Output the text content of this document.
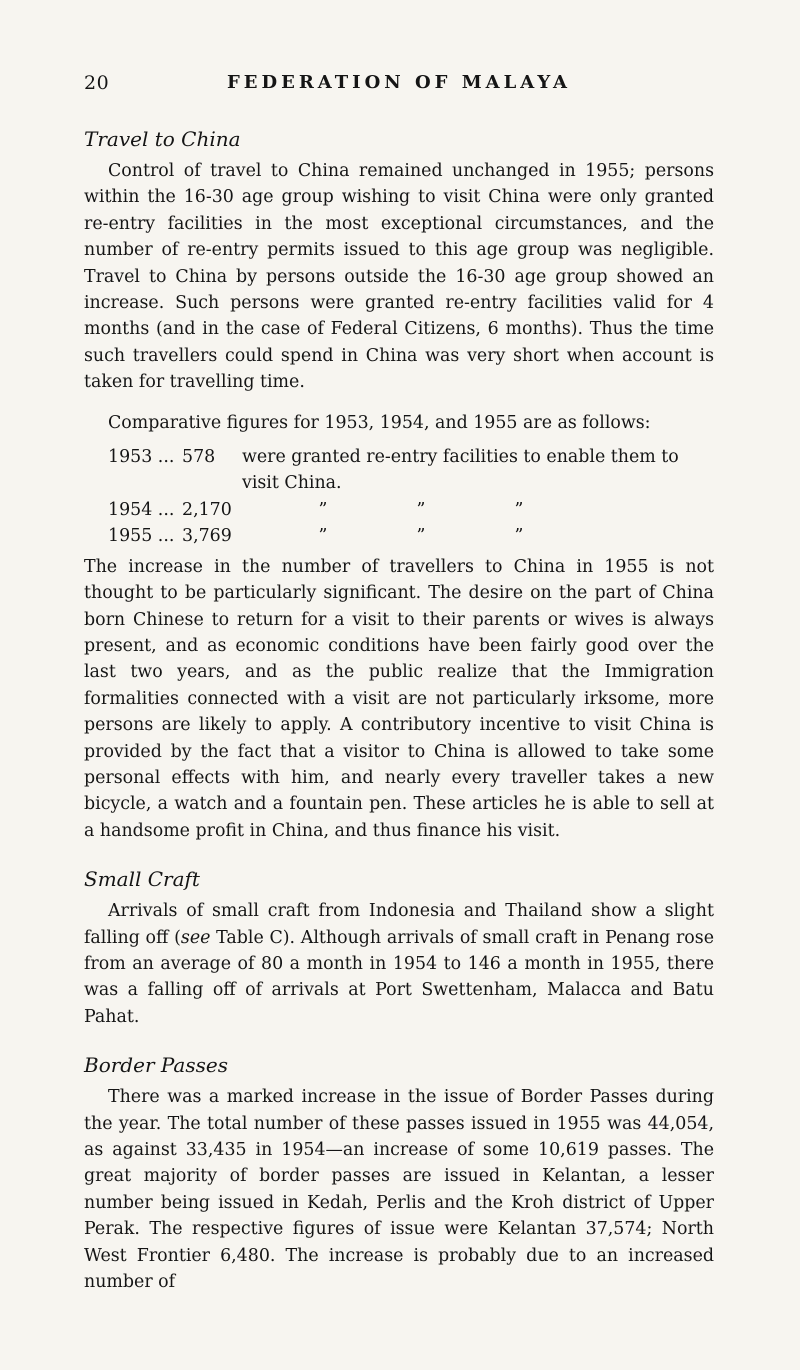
20	FEDERATION OF MALAYA
Travel to China

Control of travel to China remained unchanged in 1955; persons within the 16-30 age group wishing to visit China were only granted re-entry facilities in the most exceptional circumstances, and the number of re-entry permits issued to this age group was negligible. Travel to China by persons outside the 16-30 age group showed an increase. Such persons were granted re-entry facilities valid for 4 months (and in the case of Federal Citizens, 6 months). Thus the time such travellers could spend in China was very short when account is taken for travelling time.

Comparative figures for 1953, 1954, and 1955 are as follows:

1953 ... 578	were granted re-entry facilities to enable them to visit China.
1954 ... 2,170	”	”	”
1955 ... 3,769	”	”	”

The increase in the number of travellers to China in 1955 is not thought to be particularly significant. The desire on the part of China born Chinese to return for a visit to their parents or wives is always present, and as economic conditions have been fairly good over the last two years, and as the public realize that the Immigration formalities connected with a visit are not particularly irksome, more persons are likely to apply. A contributory incentive to visit China is provided by the fact that a visitor to China is allowed to take some personal effects with him, and nearly every traveller takes a new bicycle, a watch and a fountain pen. These articles he is able to sell at a handsome profit in China, and thus finance his visit.

Small Craft

Arrivals of small craft from Indonesia and Thailand show a slight falling off (see Table C). Although arrivals of small craft in Penang rose from an average of 80 a month in 1954 to 146 a month in 1955, there was a falling off of arrivals at Port Swettenham, Malacca and Batu Pahat.

Border Passes

There was a marked increase in the issue of Border Passes during the year. The total number of these passes issued in 1955 was 44,054, as against 33,435 in 1954—an increase of some 10,619 passes. The great majority of border passes are issued in Kelantan, a lesser number being issued in Kedah, Perlis and the Kroh district of Upper Perak. The respective figures of issue were Kelantan 37,574; North West Frontier 6,480. The increase is probably due to an increased number of
